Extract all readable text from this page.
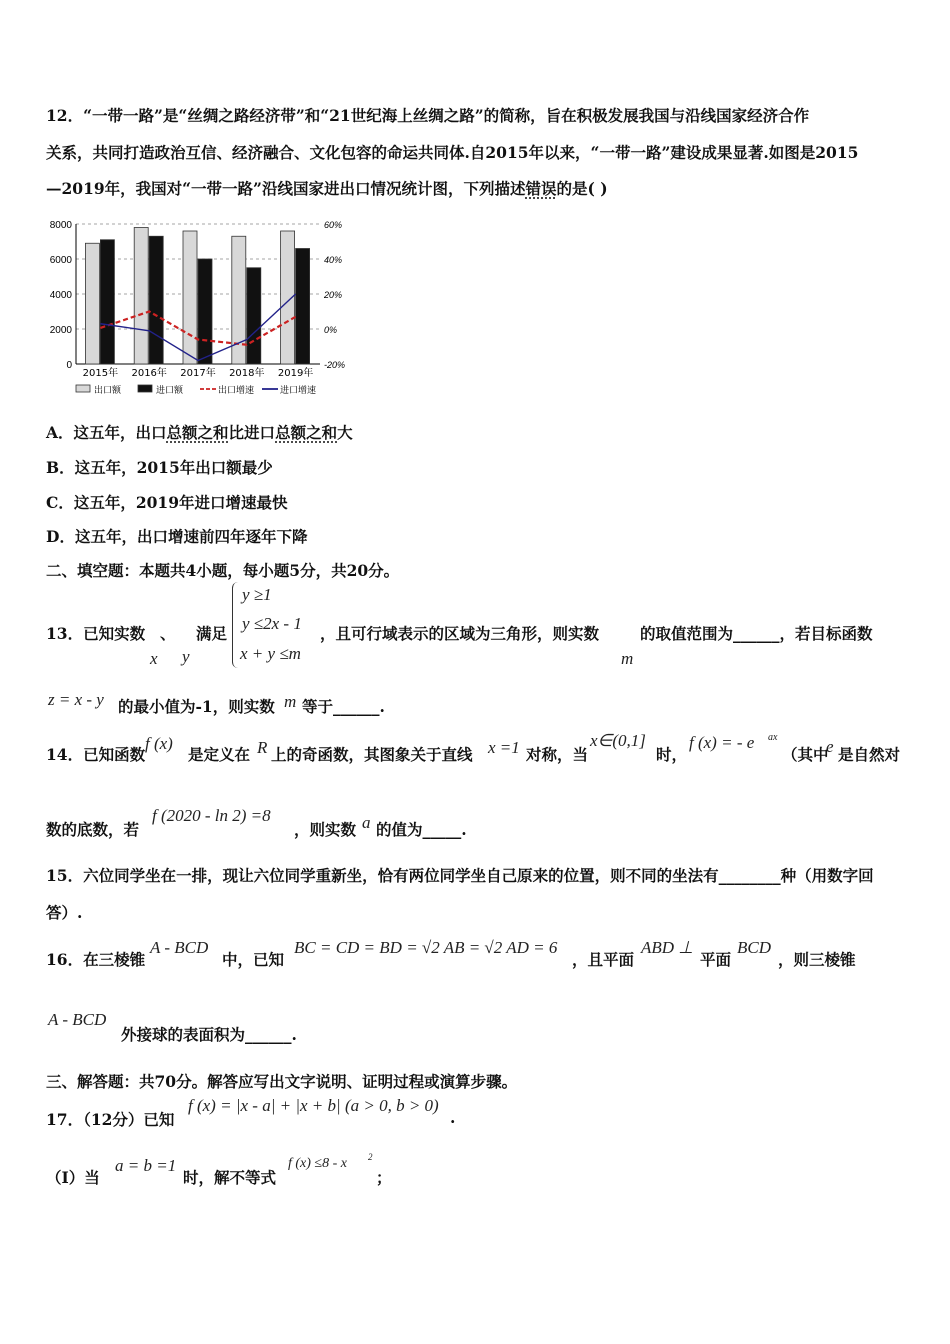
12．“一带一路”是“丝绸之路经济带”和“21世纪海上丝绸之路”的简称，旨在积极发展我国与沿线国家经济合作
关系，共同打造政治互信、经济融合、文化包容的命运共同体.自2015年以来，“一带一路”建设成果显著.如图是2015
—2019年，我国对“一带一路”沿线国家进出口情况统计图，下列描述错误的是( )
0
2000
4000
6000
8000
-20%
0%
20%
40%
60%
2015年 2016年 2017年 2018年 2019年
出口额	进口额	出口增速	进口增速
A．这五年，出口总额之和比进口总额之和大
B．这五年，2015年出口额最少
C．这五年，2019年进口增速最快
D．这五年，出口增速前四年逐年下降
二、填空题：本题共4小题，每小题5分，共20分。
13．已知实数 、
x y
满足
y ≥1
y ≤2x - 1
x + y ≤m
，且可行域表示的区域为三角形，则实数
m
的取值范围为______，若目标函数
z = x - y 的最小值为-1，则实数 m 等于______.
14．已知函数
f (x)
是定义在 R 上的奇函数，其图象关于直线 x =1 对称，当
x∈(0,1]
时，
f (x) = - e ax
（其中
e 是自然对
数的底数，若
f (2020 - ln 2) =8
，则实数 a 的值为_____.
15．六位同学坐在一排，现让六位同学重新坐，恰有两位同学坐自己原来的位置，则不同的坐法有________种（用数字回
答）.
16．在三棱锥
A - BCD
中，已知
BC = CD = BD = √2 AB = √2 AD = 6
，且平面
ABD ⊥
平面
BCD
，则三棱锥
A - BCD
外接球的表面积为______.
三、解答题：共70分。解答应写出文字说明、证明过程或演算步骤。
17．（12分）已知
f (x) = |x - a| + |x + b| (a > 0, b > 0)
.
（Ⅰ）当
a = b =1
时，解不等式
f (x) ≤8 - x 2
；
